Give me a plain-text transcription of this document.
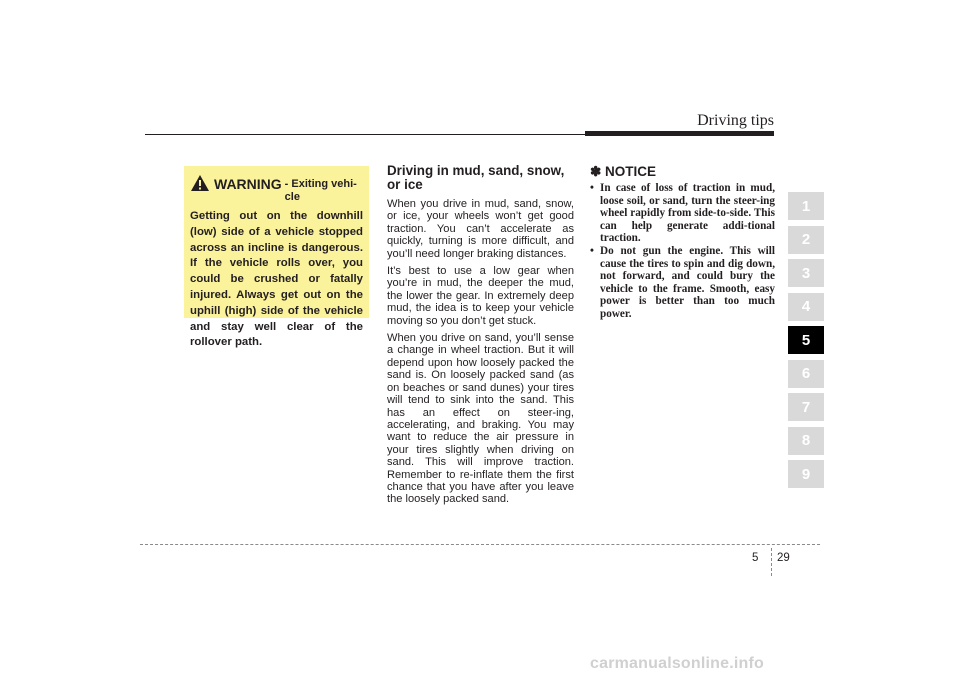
Driving tips
WARNING - Exiting vehi-cle
Getting out on the downhill (low) side of a vehicle stopped across an incline is dangerous. If the vehicle rolls over, you could be crushed or fatally injured. Always get out on the uphill (high) side of the vehicle and stay well clear of the rollover path.
Driving in mud, sand, snow, or ice

When you drive in mud, sand, snow, or ice, your wheels won’t get good traction. You can’t accelerate as quickly, turning is more difficult, and you’ll need longer braking distances.

It’s best to use a low gear when you’re in mud, the deeper the mud, the lower the gear. In extremely deep mud, the idea is to keep your vehicle moving so you don’t get stuck.

When you drive on sand, you’ll sense a change in wheel traction. But it will depend upon how loosely packed the sand is. On loosely packed sand (as on beaches or sand dunes) your tires will tend to sink into the sand. This has an effect on steer-ing, accelerating, and braking. You may want to reduce the air pressure in your tires slightly when driving on sand. This will improve traction. Remember to re-inflate them the first chance that you have after you leave the loosely packed sand.

✽ NOTICE
• In case of loss of traction in mud, loose soil, or sand, turn the steer-ing wheel rapidly from side-to-side. This can help generate addi-tional traction.
• Do not gun the engine. This will cause the tires to spin and dig down, not forward, and could bury the vehicle to the frame. Smooth, easy power is better than too much power.
1
2
3
4
5
6
7
8
9
5 29
carmanualsonline.info
